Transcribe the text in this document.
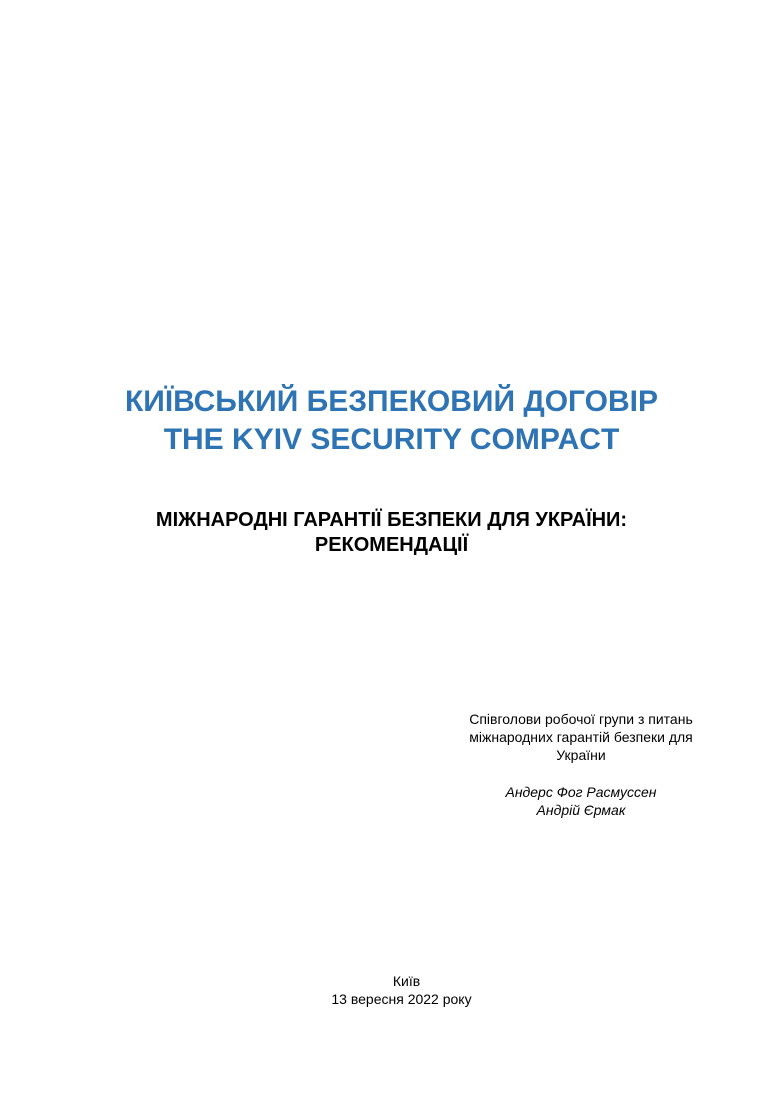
КИЇВСЬКИЙ БЕЗПЕКОВИЙ ДОГОВІР
THE KYIV SECURITY COMPACT
МІЖНАРОДНІ ГАРАНТІЇ БЕЗПЕКИ ДЛЯ УКРАЇНИ:
РЕКОМЕНДАЦІЇ
Співголови робочої групи з питань
міжнародних гарантій безпеки для
України
Андерс Фог Расмуссен
Андрій Єрмак
Київ
13 вересня 2022 року
